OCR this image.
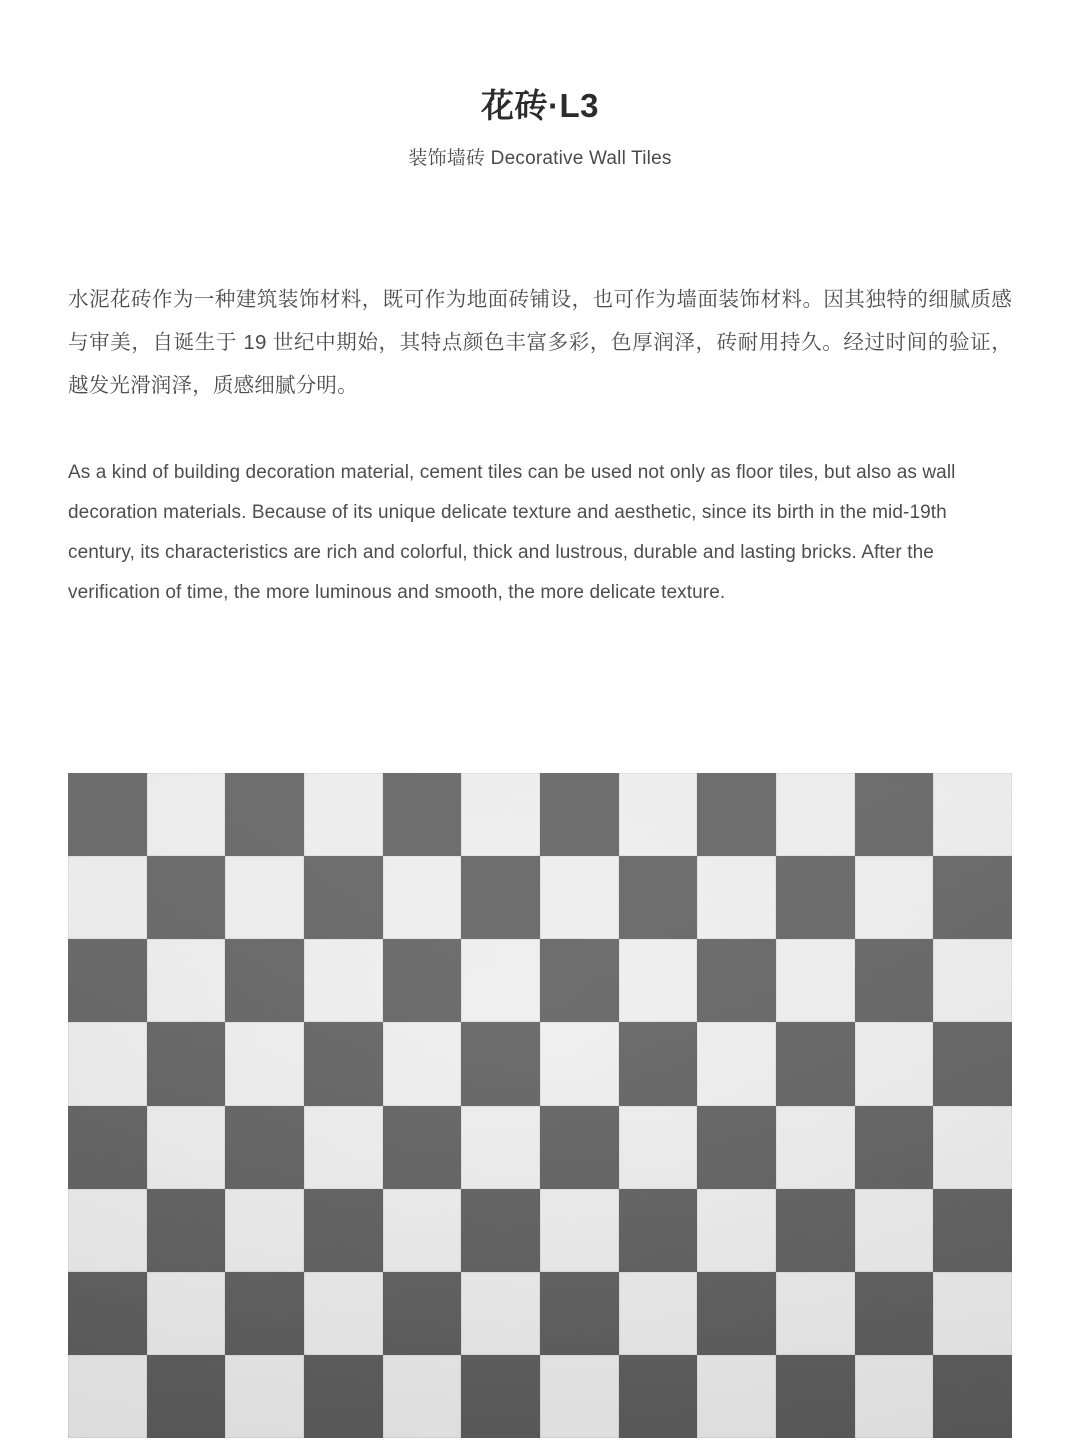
花砖·L3

装饰墙砖 Decorative Wall Tiles

水泥花砖作为一种建筑装饰材料，既可作为地面砖铺设，也可作为墙面装饰材料。因其独特的细腻质感与审美，自诞生于 19 世纪中期始，其特点颜色丰富多彩，色厚润泽，砖耐用持久。经过时间的验证，越发光滑润泽，质感细腻分明。

As a kind of building decoration material, cement tiles can be used not only as floor tiles, but also as wall decoration materials. Because of its unique delicate texture and aesthetic, since its birth in the mid-19th century, its characteristics are rich and colorful, thick and lustrous, durable and lasting bricks. After the verification of time, the more luminous and smooth, the more delicate texture.
